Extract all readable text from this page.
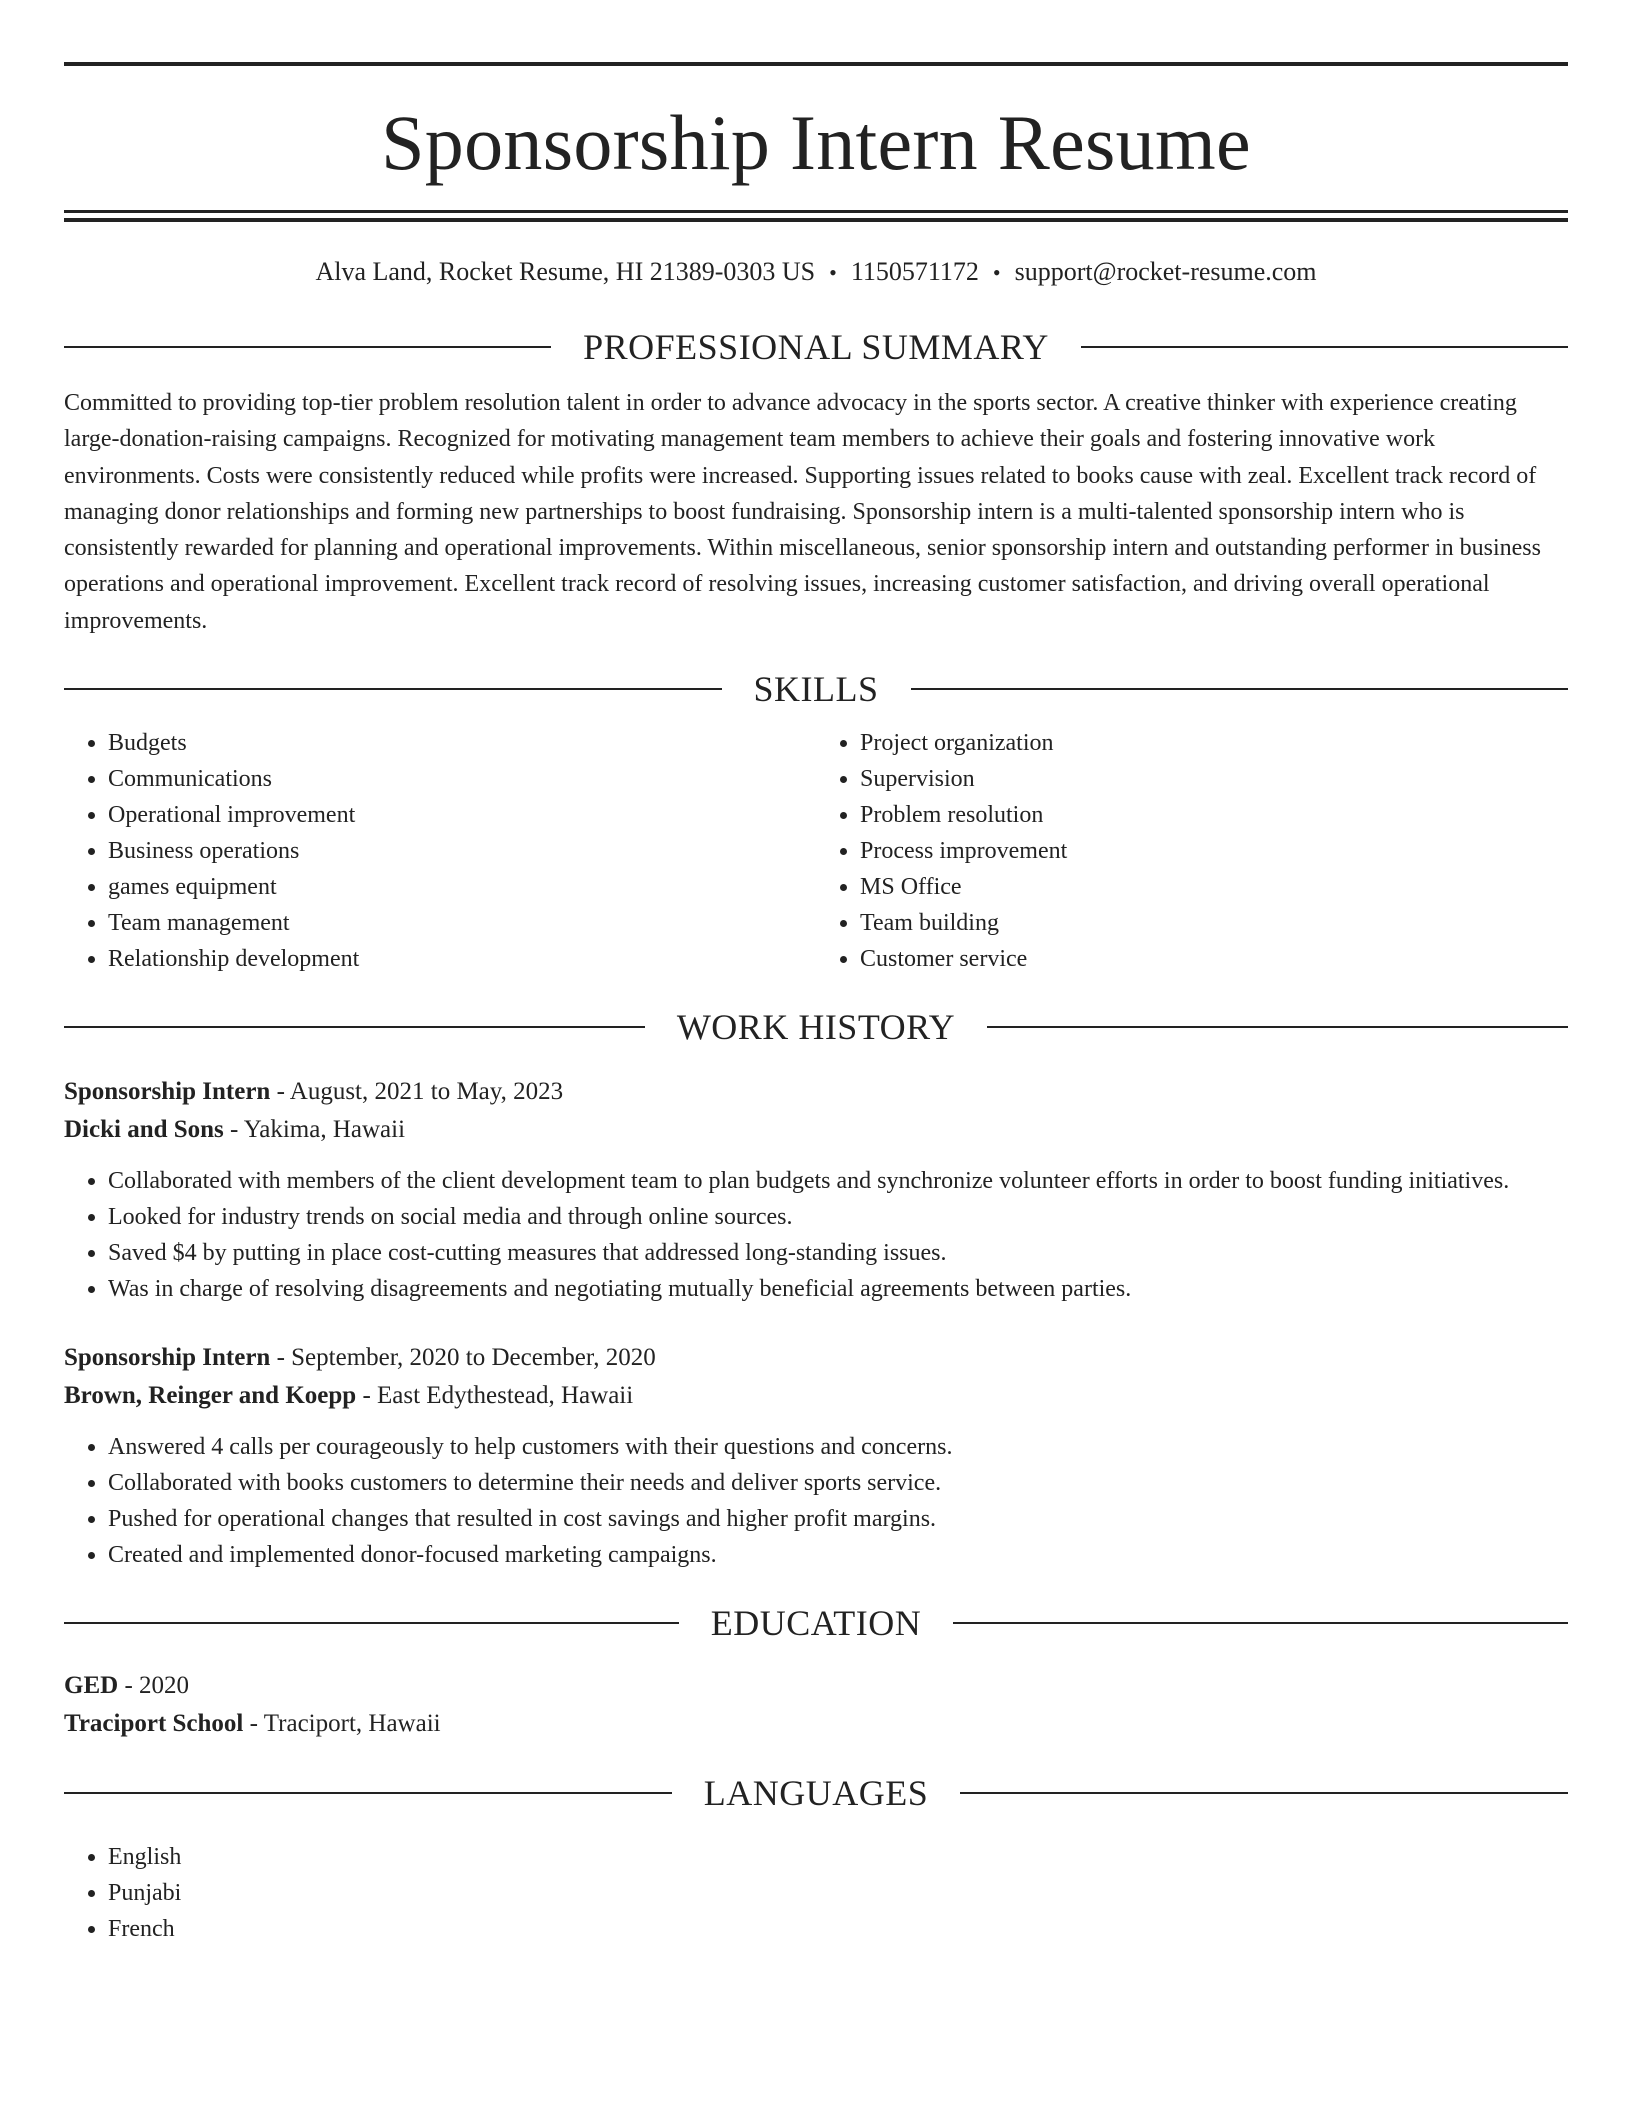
Sponsorship Intern Resume
Alva Land, Rocket Resume, HI 21389-0303 US • 1150571172 • support@rocket-resume.com
PROFESSIONAL SUMMARY
Committed to providing top-tier problem resolution talent in order to advance advocacy in the sports sector. A creative thinker with experience creating large-donation-raising campaigns. Recognized for motivating management team members to achieve their goals and fostering innovative work environments. Costs were consistently reduced while profits were increased. Supporting issues related to books cause with zeal. Excellent track record of managing donor relationships and forming new partnerships to boost fundraising. Sponsorship intern is a multi-talented sponsorship intern who is consistently rewarded for planning and operational improvements. Within miscellaneous, senior sponsorship intern and outstanding performer in business operations and operational improvement. Excellent track record of resolving issues, increasing customer satisfaction, and driving overall operational improvements.
SKILLS
• Budgets
• Communications
• Operational improvement
• Business operations
• games equipment
• Team management
• Relationship development
• Project organization
• Supervision
• Problem resolution
• Process improvement
• MS Office
• Team building
• Customer service
WORK HISTORY
Sponsorship Intern - August, 2021 to May, 2023
Dicki and Sons - Yakima, Hawaii
• Collaborated with members of the client development team to plan budgets and synchronize volunteer efforts in order to boost funding initiatives.
• Looked for industry trends on social media and through online sources.
• Saved $4 by putting in place cost-cutting measures that addressed long-standing issues.
• Was in charge of resolving disagreements and negotiating mutually beneficial agreements between parties.
Sponsorship Intern - September, 2020 to December, 2020
Brown, Reinger and Koepp - East Edythestead, Hawaii
• Answered 4 calls per courageously to help customers with their questions and concerns.
• Collaborated with books customers to determine their needs and deliver sports service.
• Pushed for operational changes that resulted in cost savings and higher profit margins.
• Created and implemented donor-focused marketing campaigns.
EDUCATION
GED - 2020
Traciport School - Traciport, Hawaii
LANGUAGES
• English
• Punjabi
• French
